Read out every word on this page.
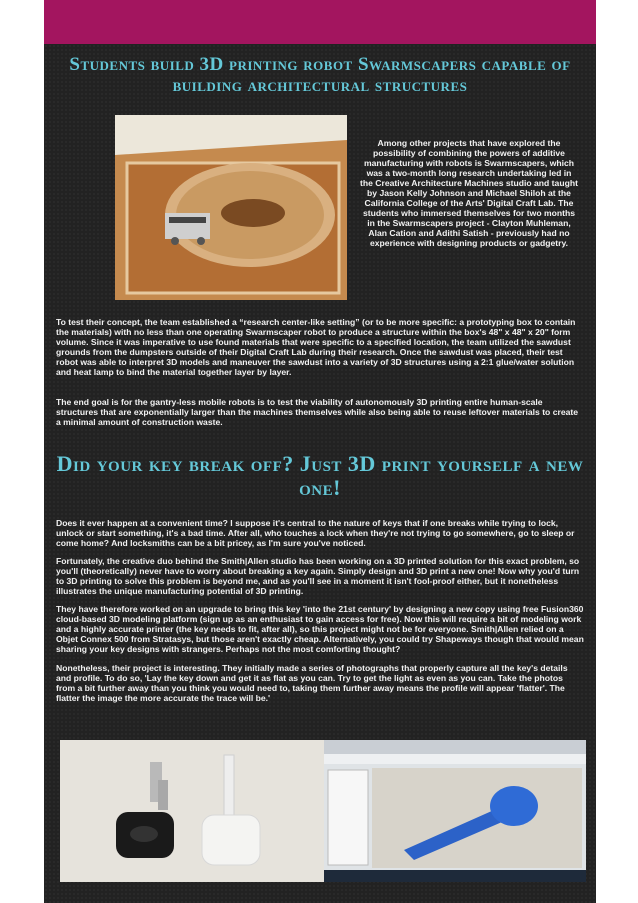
Students build 3D printing robot Swarmscapers capable of building architectural structures

Among other projects that have explored the possibility of combining the powers of additive manufacturing with robots is Swarmscapers, which was a two-month long research undertaking led in the Creative Architecture Machines studio and taught by Jason Kelly Johnson and Michael Shiloh at the California College of the Arts' Digital Craft Lab. The students who immersed themselves for two months in the Swarmscapers project - Clayton Muhleman, Alan Cation and Adithi Satish - previously had no experience with designing products or gadgetry.

To test their concept, the team established a “research center-like setting” (or to be more specific: a prototyping box to contain the materials) with no less than one operating Swarmscaper robot to produce a structure within the box's 48" x 48" x 20" form volume. Since it was imperative to use found materials that were specific to a specified location, the team utilized the sawdust grounds from the dumpsters outside of their Digital Craft Lab during their research. Once the sawdust was placed, their test robot was able to interpret 3D models and maneuver the sawdust into a variety of 3D structures using a 2:1 glue/water solution and heat lamp to bind the material together layer by layer.

The end goal is for the gantry-less mobile robots is to test the viability of autonomously 3D printing entire human-scale structures that are exponentially larger than the machines themselves while also being able to reuse leftover materials to create a minimal amount of construction waste.

Did your key break off? Just 3D print yourself a new one!

Does it ever happen at a convenient time? I suppose it's central to the nature of keys that if one breaks while trying to lock, unlock or start something, it's a bad time. After all, who touches a lock when they're not trying to go somewhere, go to sleep or come home? And locksmiths can be a bit pricey, as I'm sure you've noticed.

Fortunately, the creative duo behind the Smith|Allen studio has been working on a 3D printed solution for this exact problem, so you'll (theoretically) never have to worry about breaking a key again. Simply design and 3D print a new one! Now why you'd turn to 3D printing to solve this problem is beyond me, and as you'll see in a moment it isn't fool-proof either, but it nonetheless illustrates the unique manufacturing potential of 3D printing.

They have therefore worked on an upgrade to bring this key 'into the 21st century' by designing a new copy using free Fusion360 cloud-based 3D modeling platform (sign up as an enthusiast to gain access for free). Now this will require a bit of modeling work and a highly accurate printer (the key needs to fit, after all), so this project might not be for everyone. Smith|Allen relied on a Objet Connex 500 from Stratasys, but those aren't exactly cheap. Alternatively, you could try Shapeways though that would mean sharing your key designs with strangers. Perhaps not the most comforting thought?

Nonetheless, their project is interesting. They initially made a series of photographs that properly capture all the key's details and profile. To do so, 'Lay the key down and get it as flat as you can. Try to get the light as even as you can. Take the photos from a bit further away than you think you would need to, taking them further away means the profile will appear 'flatter'. The flatter the image the more accurate the trace will be.'
